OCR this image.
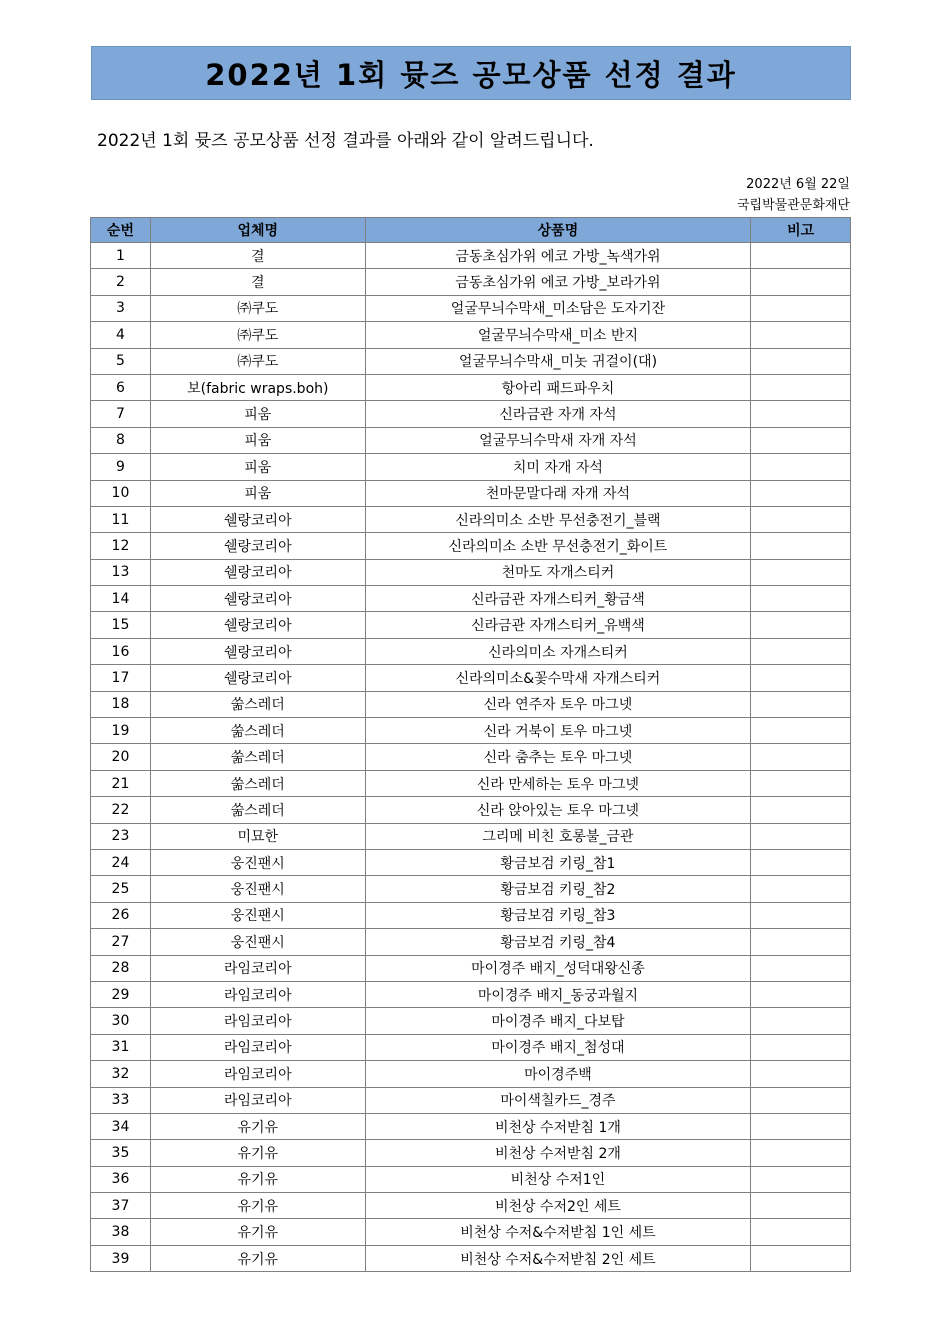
2022년 1회 뮷즈 공모상품 선정 결과
2022년 1회 뮷즈 공모상품 선정 결과를 아래와 같이 알려드립니다.
2022년 6월 22일
국립박물관문화재단
순번	업체명	상품명	비고
1	결	금동초심가위 에코 가방_녹색가위	
2	결	금동초심가위 에코 가방_보라가위	
3	㈜쿠도	얼굴무늬수막새_미소담은 도자기잔	
4	㈜쿠도	얼굴무늬수막새_미소 반지	
5	㈜쿠도	얼굴무늬수막새_미놋 귀걸이(대)	
6	보(fabric wraps.boh)	항아리 패드파우치	
7	피움	신라금관 자개 자석	
8	피움	얼굴무늬수막새 자개 자석	
9	피움	치미 자개 자석	
10	피움	천마문말다래 자개 자석	
11	쉘랑코리아	신라의미소 소반 무선충전기_블랙	
12	쉘랑코리아	신라의미소 소반 무선충전기_화이트	
13	쉘랑코리아	천마도 자개스티커	
14	쉘랑코리아	신라금관 자개스티커_황금색	
15	쉘랑코리아	신라금관 자개스티커_유백색	
16	쉘랑코리아	신라의미소 자개스티커	
17	쉘랑코리아	신라의미소&꽃수막새 자개스티커	
18	쑮스레더	신라 연주자 토우 마그넷	
19	쑮스레더	신라 거북이 토우 마그넷	
20	쑮스레더	신라 춤추는 토우 마그넷	
21	쑮스레더	신라 만세하는 토우 마그넷	
22	쑮스레더	신라 앉아있는 토우 마그넷	
23	미묘한	그리메 비친 호롱불_금관	
24	웅진팬시	황금보검 키링_참1	
25	웅진팬시	황금보검 키링_참2	
26	웅진팬시	황금보검 키링_참3	
27	웅진팬시	황금보검 키링_참4	
28	라임코리아	마이경주 배지_성덕대왕신종	
29	라임코리아	마이경주 배지_동궁과월지	
30	라임코리아	마이경주 배지_다보탑	
31	라임코리아	마이경주 배지_첨성대	
32	라임코리아	마이경주백	
33	라임코리아	마이색칠카드_경주	
34	유기유	비천상 수저받침 1개	
35	유기유	비천상 수저받침 2개	
36	유기유	비천상 수저1인	
37	유기유	비천상 수저2인 세트	
38	유기유	비천상 수저&수저받침 1인 세트	
39	유기유	비천상 수저&수저받침 2인 세트	
